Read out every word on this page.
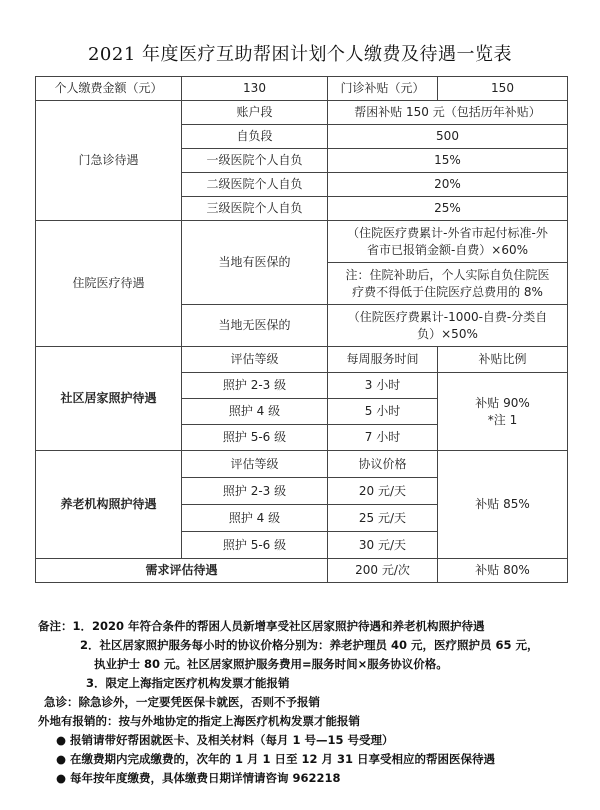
2021 年度医疗互助帮困计划个人缴费及待遇一览表
个人缴费金额（元）	130	门诊补贴（元）	150
门急诊待遇	账户段	帮困补贴 150 元（包括历年补贴）	
	自负段	500	
	一级医院个人自负	15%	
	二级医院个人自负	20%	
	三级医院个人自负	25%	
住院医疗待遇	当地有医保的	（住院医疗费累计-外省市起付标准-外
省市已报销金额-自费）×60%	

		注：住院补助后，个人实际自负住院医
疗费不得低于住院医疗总费用的 8%	

	当地无医保的	（住院医疗费累计-1000-自费-分类自
负）×50%	

社区居家照护待遇	评估等级	每周服务时间	补贴比例
	照护 2-3 级	3 小时	补贴 90%
*注 1

	照护 4 级	5 小时	
	照护 5-6 级	7 小时	
养老机构照护待遇	评估等级	协议价格	补贴 85%
	照护 2-3 级	20 元/天	
	照护 4 级	25 元/天	
	照护 5-6 级	30 元/天	
需求评估待遇		200 元/次	补贴 80%
备注：1．2020 年符合条件的帮困人员新增享受社区居家照护待遇和养老机构照护待遇
2．社区居家照护服务每小时的协议价格分别为：养老护理员 40 元，医疗照护员 65 元，
执业护士 80 元。社区居家照护服务费用=服务时间×服务协议价格。
3．限定上海指定医疗机构发票才能报销
急诊：除急诊外，一定要凭医保卡就医，否则不予报销
外地有报销的：按与外地协定的指定上海医疗机构发票才能报销
● 报销请带好帮困就医卡、及相关材料（每月 1 号—15 号受理）
● 在缴费期内完成缴费的，次年的 1 月 1 日至 12 月 31 日享受相应的帮困医保待遇
● 每年按年度缴费，具体缴费日期详情请咨询 962218
